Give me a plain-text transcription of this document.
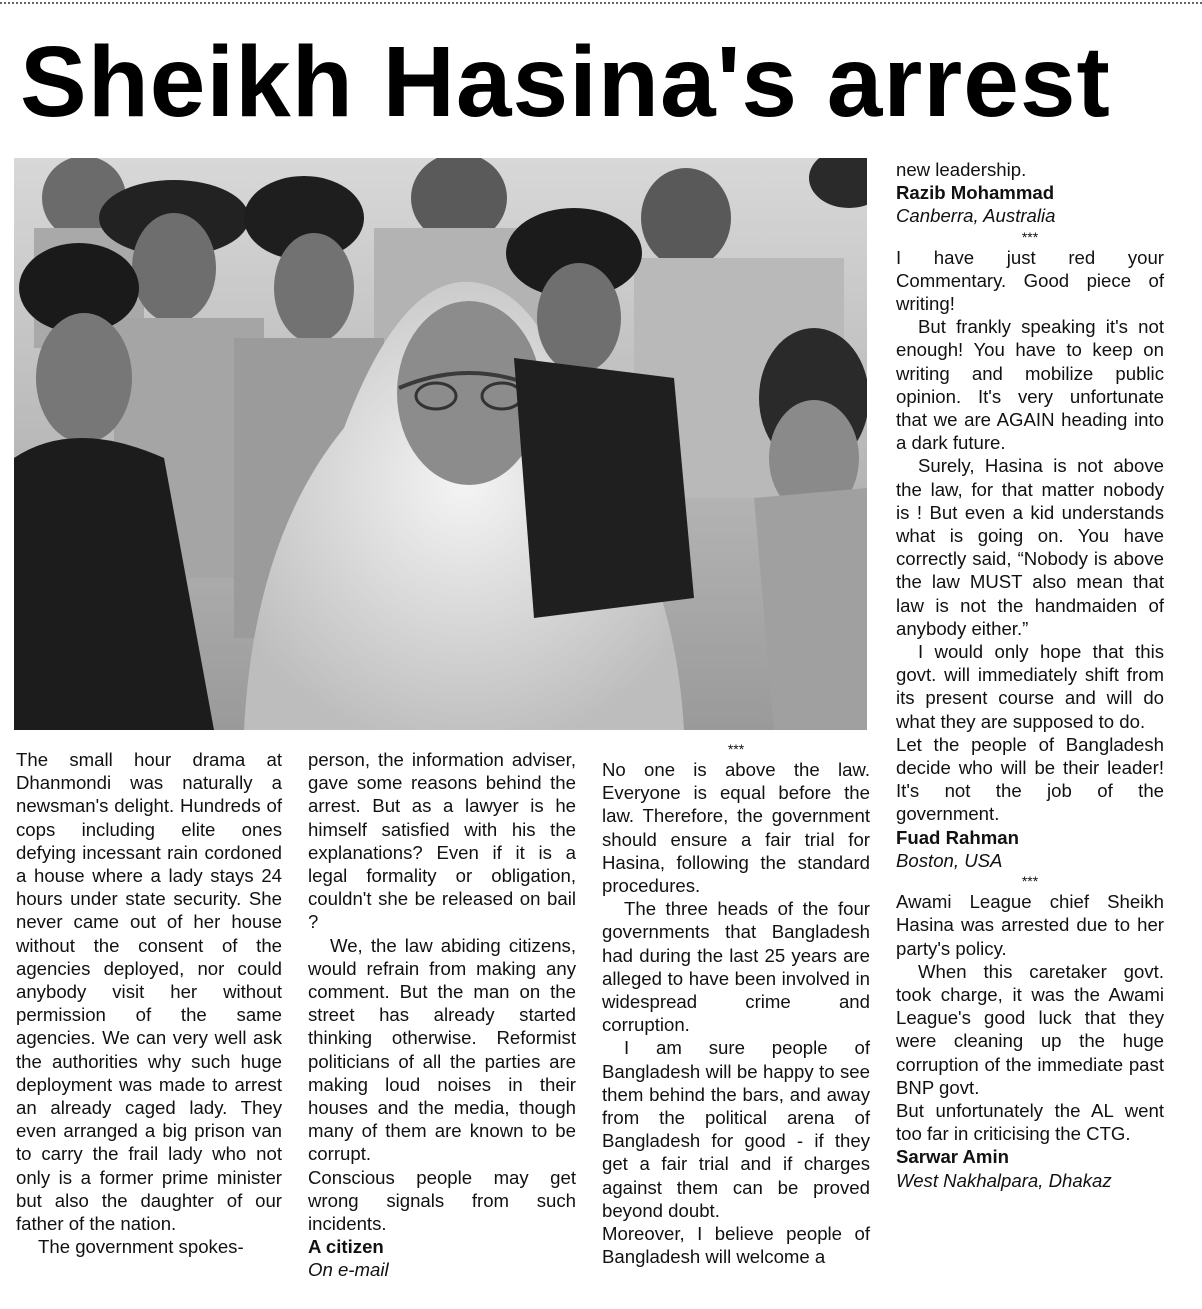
Sheikh Hasina's arrest

The small hour drama at Dhanmondi was naturally a newsman's delight. Hundreds of cops including elite ones defying incessant rain cordoned a house where a lady stays 24 hours under state security. She never came out of her house without the consent of the agencies deployed, nor could anybody visit her without permission of the same agencies. We can very well ask the authorities why such huge deployment was made to arrest an already caged lady. They even arranged a big prison van to carry the frail lady who not only is a former prime minister but also the daughter of our father of the nation.

The government spokes-

person, the information adviser, gave some reasons behind the arrest. But as a lawyer is he himself satisfied with his the explanations? Even if it is a legal formality or obligation, couldn't she be released on bail ?

We, the law abiding citizens, would refrain from making any comment. But the man on the street has already started thinking otherwise. Reformist politicians of all the parties are making loud noises in their houses and the media, though many of them are known to be corrupt.

Conscious people may get wrong signals from such incidents.

A citizen

On e-mail

***

No one is above the law. Everyone is equal before the law. Therefore, the government should ensure a fair trial for Hasina, following the standard procedures.

The three heads of the four governments that Bangladesh had during the last 25 years are alleged to have been involved in widespread crime and corruption.

I am sure people of Bangladesh will be happy to see them behind the bars, and away from the political arena of Bangladesh for good - if they get a fair trial and if charges against them can be proved beyond doubt.

Moreover, I believe people of Bangladesh will welcome a

new leadership.

Razib Mohammad

Canberra, Australia

***

I have just red your Commentary. Good piece of writing!

But frankly speaking it's not enough! You have to keep on writing and mobilize public opinion. It's very unfortunate that we are AGAIN heading into a dark future.

Surely, Hasina is not above the law, for that matter nobody is ! But even a kid understands what is going on. You have correctly said, “Nobody is above the law MUST also mean that law is not the handmaiden of anybody either.”

I would only hope that this govt. will immediately shift from its present course and will do what they are supposed to do.

Let the people of Bangladesh decide who will be their leader! It's not the job of the government.

Fuad Rahman

Boston, USA

***

Awami League chief Sheikh Hasina was arrested due to her party's policy.

When this caretaker govt. took charge, it was the Awami League's good luck that they were cleaning up the huge corruption of the immediate past BNP govt.

But unfortunately the AL went too far in criticising the CTG.

Sarwar Amin

West Nakhalpara, Dhakaz
